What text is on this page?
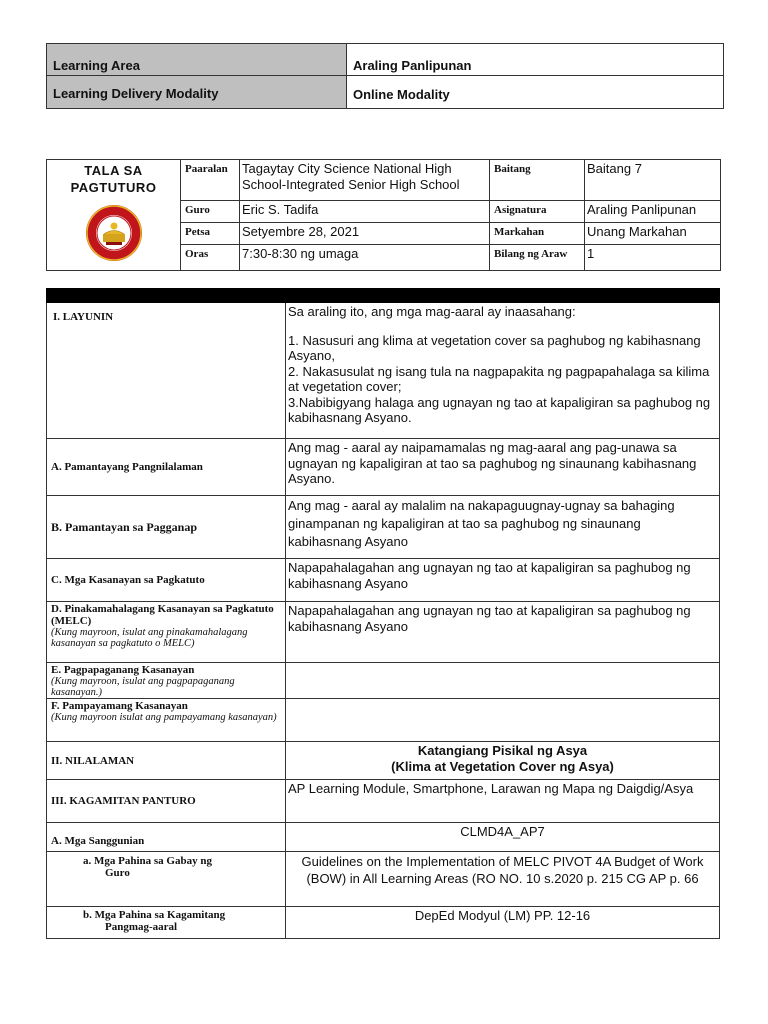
Learning Area	Araling Panlipunan
Learning Delivery Modality	Online Modality
TALA SA
PAGTUTURO	Paaralan	Tagaytay City Science National High School-Integrated Senior High School	Baitang	Baitang 7
	Guro	Eric S. Tadifa	Asignatura	Araling Panlipunan
	Petsa	Setyembre 28, 2021	Markahan	Unang Markahan
	Oras	7:30-8:30 ng umaga	Bilang ng Araw	1

I. LAYUNIN	Sa araling ito, ang mga mag-aaral ay inaasahang:
1. Nasusuri ang klima at vegetation cover sa paghubog ng kabihasnang Asyano,
2. Nakasusulat ng isang tula na nagpapakita ng pagpapahalaga sa kilima at vegetation cover;
3.Nabibigyang halaga ang ugnayan ng tao at kapaligiran sa paghubog ng kabihasnang Asyano.

A. Pamantayang Pangnilalaman	Ang mag - aaral ay naipamamalas ng mag-aaral ang pag-unawa sa ugnayan ng kapaligiran at tao sa paghubog ng sinaunang kabihasnang Asyano.
B. Pamantayan sa Pagganap	Ang mag - aaral ay malalim na nakapaguugnay-ugnay sa bahaging ginampanan ng kapaligiran at tao sa paghubog ng sinaunang kabihasnang Asyano
C. Mga Kasanayan sa Pagkatuto	Napapahalagahan ang ugnayan ng tao at kapaligiran sa paghubog ng kabihasnang Asyano

D. Pinakamahalagang Kasanayan sa Pagkatuto (MELC)
(Kung mayroon, isulat ang pinakamahalagang kasanayan sa pagkatuto o MELC)	Napapahalagahan ang ugnayan ng tao at kapaligiran sa paghubog ng kabihasnang Asyano

E. Pagpapaganang Kasanayan
(Kung mayroon, isulat ang pagpapaganang kasanayan.)	

F. Pampayamang Kasanayan
(Kung mayroon isulat ang pampayamang kasanayan)	

II. NILALAMAN	Katangiang Pisikal ng Asya
(Klima at Vegetation Cover ng Asya)

III. KAGAMITAN PANTURO	AP Learning Module, Smartphone, Larawan ng Mapa ng Daigdig/Asya
A. Mga Sanggunian	CLMD4A_AP7

a. Mga Pahina sa Gabay ng
Guro	Guidelines on the Implementation of MELC PIVOT 4A Budget of Work (BOW) in All Learning Areas (RO NO. 10 s.2020 p. 215 CG AP p. 66

b. Mga Pahina sa Kagamitang
Pangmag-aaral	DepEd Modyul (LM) PP. 12-16
